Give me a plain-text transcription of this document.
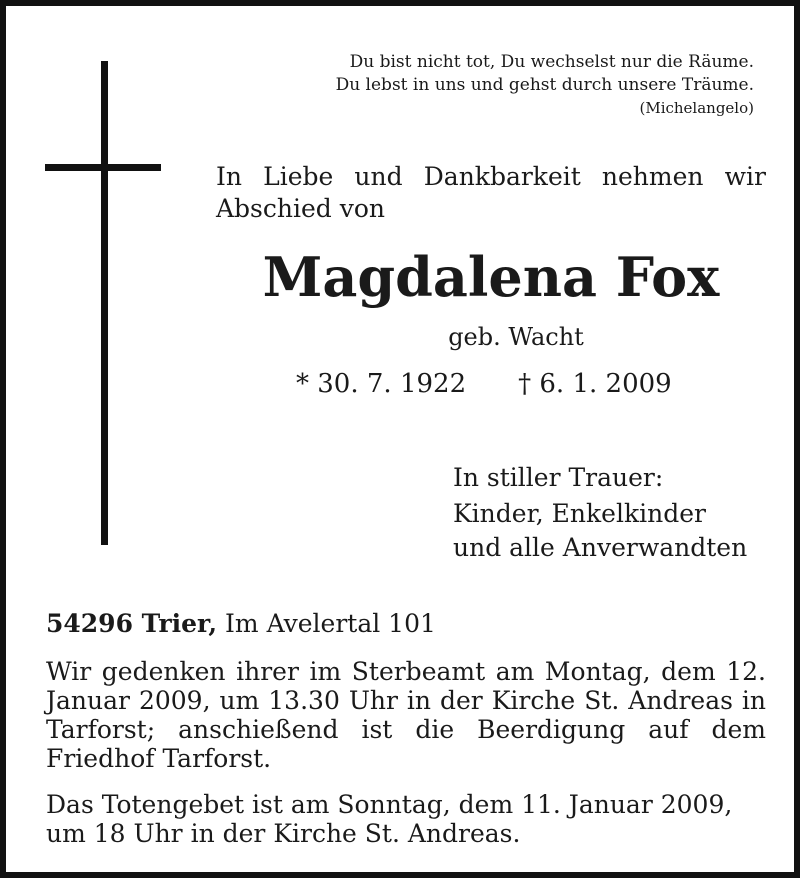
Du bist nicht tot, Du wechselst nur die Räume.
Du lebst in uns und gehst durch unsere Träume.
(Michelangelo)
In Liebe und Dankbarkeit nehmen wir Abschied von
Magdalena Fox
geb. Wacht
* 30. 7. 1922 † 6. 1. 2009
In stiller Trauer:
Kinder, Enkelkinder
und alle Anverwandten
54296 Trier, Im Avelertal 101
Wir gedenken ihrer im Sterbeamt am Montag, dem 12. Januar 2009, um 13.30 Uhr in der Kirche St. Andreas in Tarforst; anschießend ist die Beerdigung auf dem Friedhof Tarforst.
Das Totengebet ist am Sonntag, dem 11. Januar 2009, um 18 Uhr in der Kirche St. Andreas.
